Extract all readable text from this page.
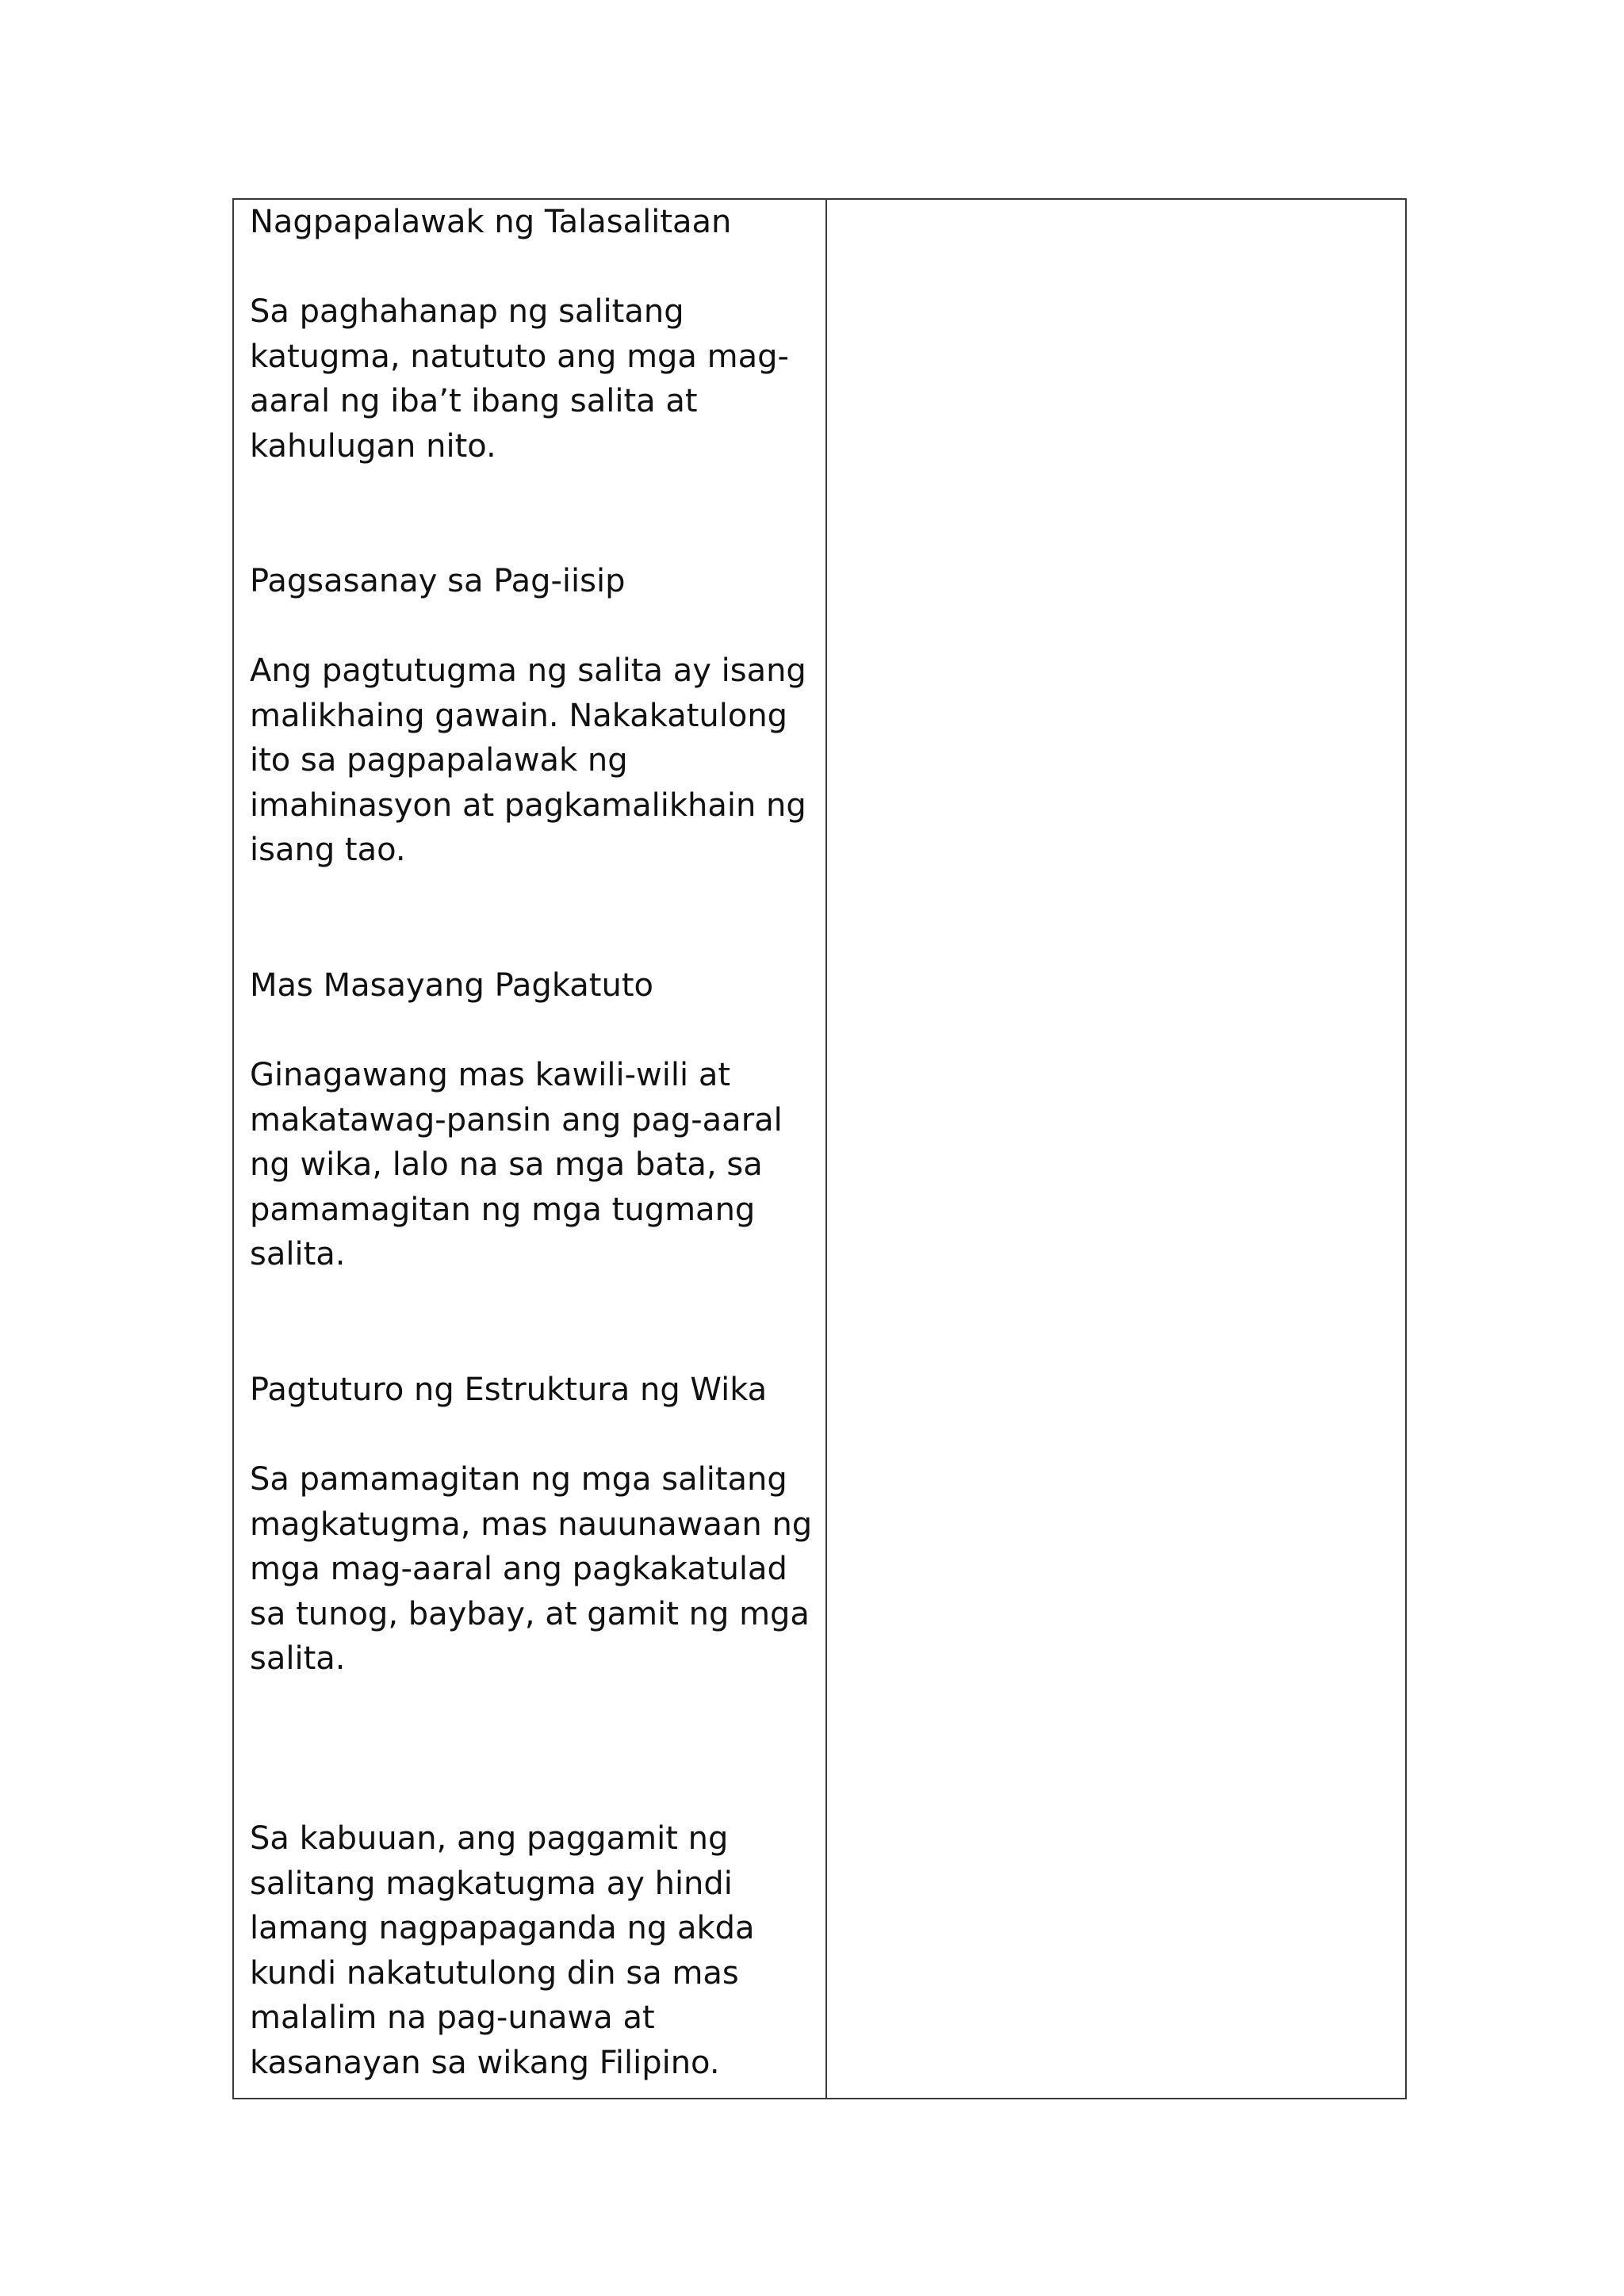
Nagpapalawak ng Talasalitaan

Sa paghahanap ng salitang
katugma, natututo ang mga mag-
aaral ng iba’t ibang salita at
kahulugan nito.

Pagsasanay sa Pag-iisip

Ang pagtutugma ng salita ay isang
malikhaing gawain. Nakakatulong
ito sa pagpapalawak ng
imahinasyon at pagkamalikhain ng
isang tao.

Mas Masayang Pagkatuto

Ginagawang mas kawili-wili at
makatawag-pansin ang pag-aaral
ng wika, lalo na sa mga bata, sa
pamamagitan ng mga tugmang
salita.

Pagtuturo ng Estruktura ng Wika

Sa pamamagitan ng mga salitang
magkatugma, mas nauunawaan ng
mga mag-aaral ang pagkakatulad
sa tunog, baybay, at gamit ng mga
salita.

Sa kabuuan, ang paggamit ng
salitang magkatugma ay hindi
lamang nagpapaganda ng akda
kundi nakatutulong din sa mas
malalim na pag-unawa at
kasanayan sa wikang Filipino.
